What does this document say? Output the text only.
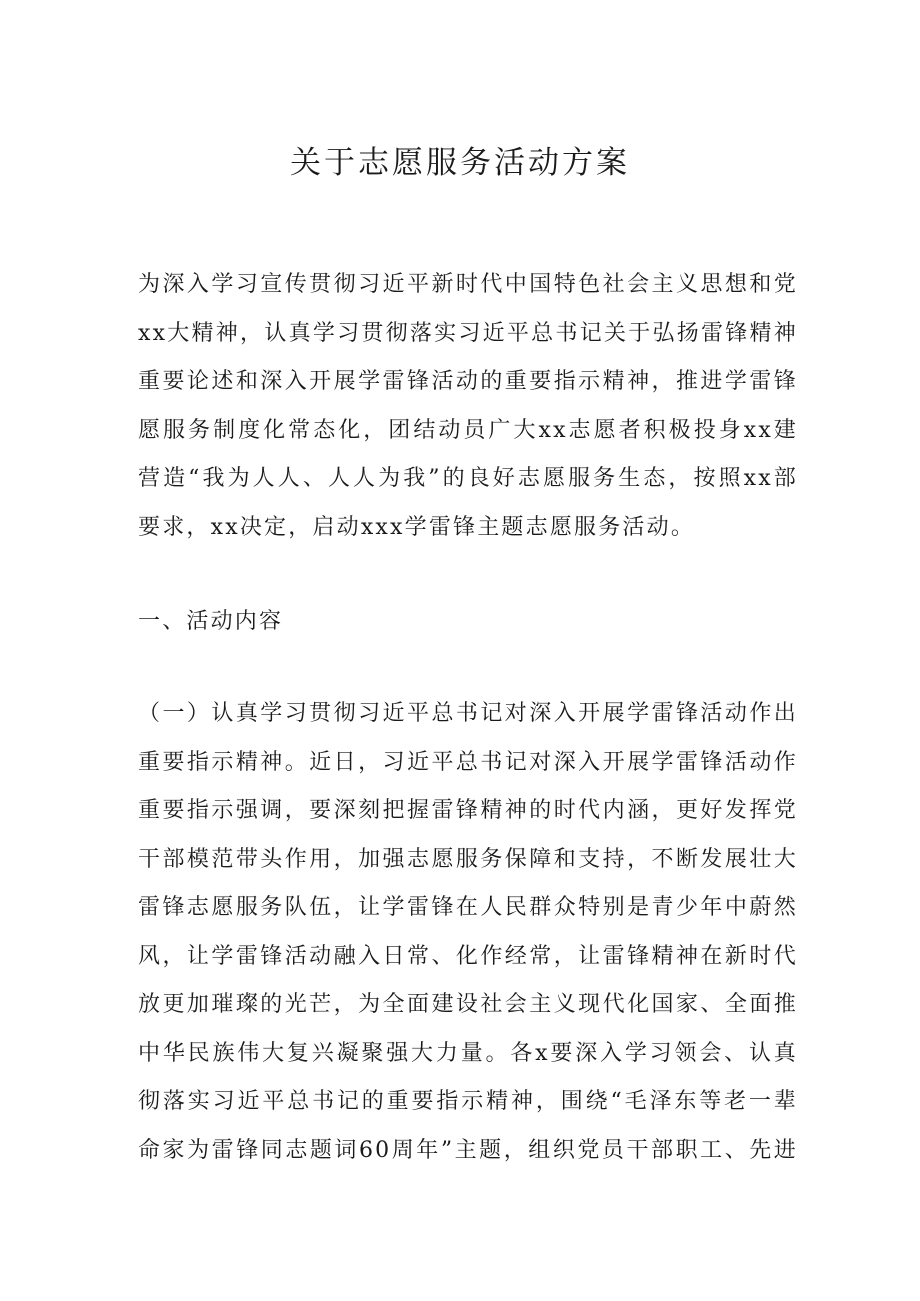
关于志愿服务活动方案
为深入学习宣传贯彻习近平新时代中国特色社会主义思想和党
xx大精神，认真学习贯彻落实习近平总书记关于弘扬雷锋精神
重要论述和深入开展学雷锋活动的重要指示精神，推进学雷锋
愿服务制度化常态化，团结动员广大xx志愿者积极投身xx建
营造“我为人人、人人为我”的良好志愿服务生态，按照xx部
要求，xx决定，启动xxx学雷锋主题志愿服务活动。
一、活动内容
（一）认真学习贯彻习近平总书记对深入开展学雷锋活动作出
重要指示精神。近日，习近平总书记对深入开展学雷锋活动作
重要指示强调，要深刻把握雷锋精神的时代内涵，更好发挥党
干部模范带头作用，加强志愿服务保障和支持，不断发展壮大
雷锋志愿服务队伍，让学雷锋在人民群众特别是青少年中蔚然
风，让学雷锋活动融入日常、化作经常，让雷锋精神在新时代
放更加璀璨的光芒，为全面建设社会主义现代化国家、全面推
中华民族伟大复兴凝聚强大力量。各x要深入学习领会、认真
彻落实习近平总书记的重要指示精神，围绕“毛泽东等老一辈
命家为雷锋同志题词60周年”主题，组织党员干部职工、先进
